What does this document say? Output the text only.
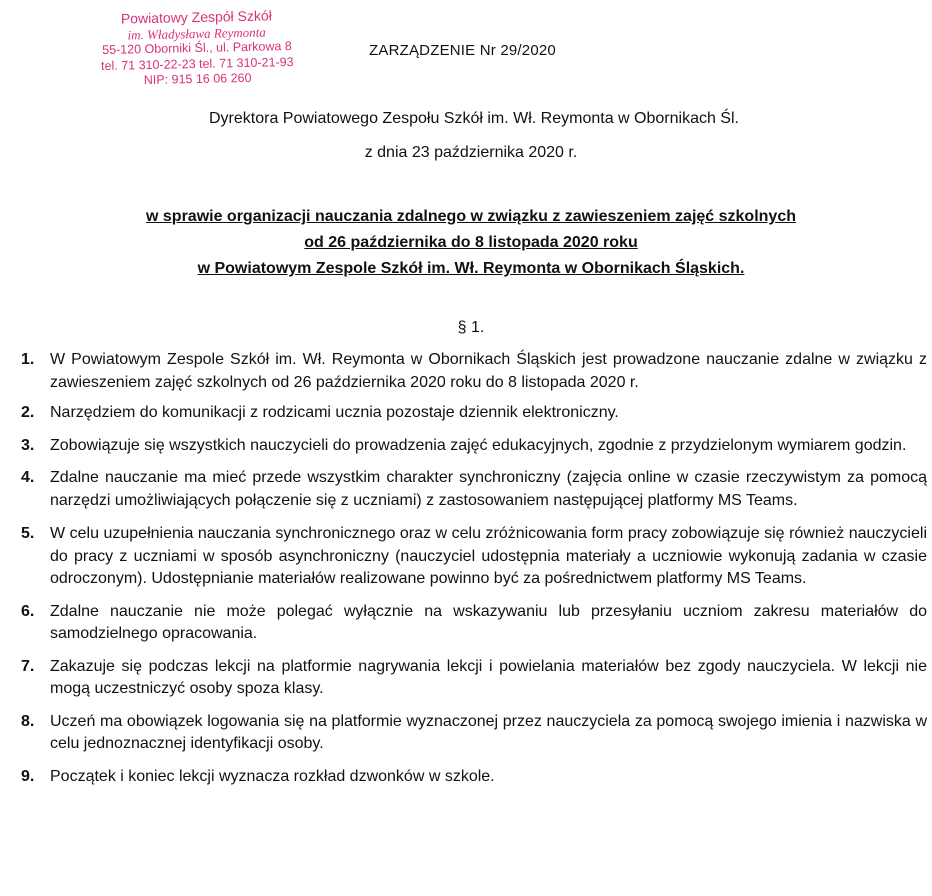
Powiatowy Zespół Szkół
im. Władysława Reymonta
55-120 Oborniki Śl., ul. Parkowa 8
tel. 71 310-22-23 tel. 71 310-21-93
NIP: 915 16 06 260
ZARZĄDZENIE Nr 29/2020
Dyrektora Powiatowego Zespołu Szkół im. Wł. Reymonta w Obornikach Śl.
z dnia 23 października 2020 r.
w sprawie organizacji nauczania zdalnego w związku z zawieszeniem zajęć szkolnych
od 26 października do 8 listopada 2020 roku
w Powiatowym Zespole Szkół im. Wł. Reymonta w Obornikach Śląskich.
§ 1.
1. W Powiatowym Zespole Szkół im. Wł. Reymonta w Obornikach Śląskich jest prowadzone nauczanie zdalne w związku z zawieszeniem zajęć szkolnych od 26 października 2020 roku do 8 listopada 2020 r.
2. Narzędziem do komunikacji z rodzicami ucznia pozostaje dziennik elektroniczny.
3. Zobowiązuje się wszystkich nauczycieli do prowadzenia zajęć edukacyjnych, zgodnie z przydzielonym wymiarem godzin.
4. Zdalne nauczanie ma mieć przede wszystkim charakter synchroniczny (zajęcia online w czasie rzeczywistym za pomocą narzędzi umożliwiających połączenie się z uczniami) z zastosowaniem następującej platformy MS Teams.
5. W celu uzupełnienia nauczania synchronicznego oraz w celu zróżnicowania form pracy zobowiązuje się również nauczycieli do pracy z uczniami w sposób asynchroniczny (nauczyciel udostępnia materiały a uczniowie wykonują zadania w czasie odroczonym). Udostępnianie materiałów realizowane powinno być za pośrednictwem platformy MS Teams.
6. Zdalne nauczanie nie może polegać wyłącznie na wskazywaniu lub przesyłaniu uczniom zakresu materiałów do samodzielnego opracowania.
7. Zakazuje się podczas lekcji na platformie nagrywania lekcji i powielania materiałów bez zgody nauczyciela. W lekcji nie mogą uczestniczyć osoby spoza klasy.
8. Uczeń ma obowiązek logowania się na platformie wyznaczonej przez nauczyciela za pomocą swojego imienia i nazwiska w celu jednoznacznej identyfikacji osoby.
9. Początek i koniec lekcji wyznacza rozkład dzwonków w szkole.
